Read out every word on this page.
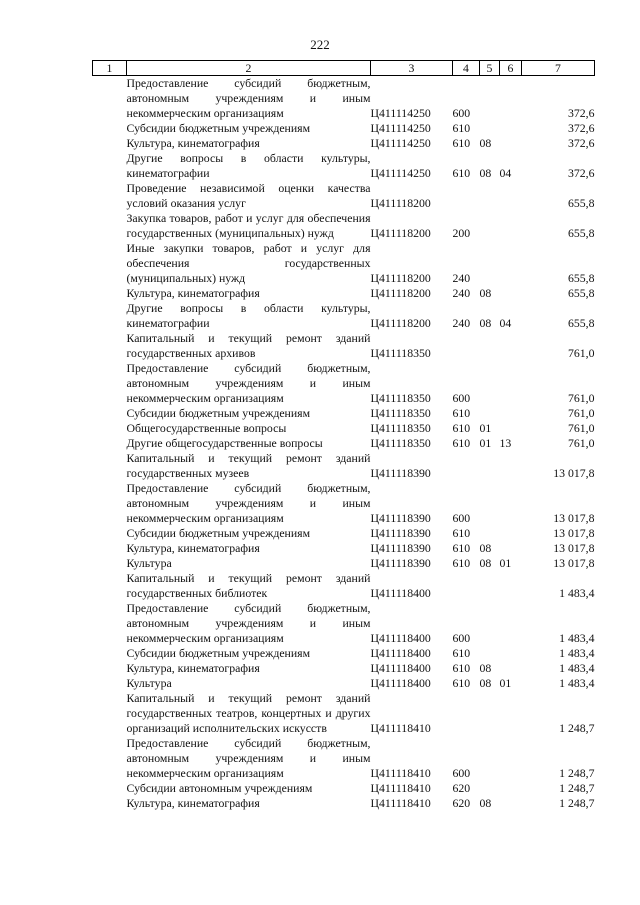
222
1	2	3	4	5	6	7
	Предоставление субсидий бюджетным, автономным учреждениям и иным некоммерческим организациям	Ц411114250	600			372,6
	Субсидии бюджетным учреждениям	Ц411114250	610			372,6
	Культура, кинематография	Ц411114250	610	08		372,6
	Другие вопросы в области культуры, кинематографии	Ц411114250	610	08	04	372,6
	Проведение независимой оценки качества условий оказания услуг	Ц411118200				655,8
	Закупка товаров, работ и услуг для обеспечения государственных (муниципальных) нужд	Ц411118200	200			655,8
	Иные закупки товаров, работ и услуг для обеспечения государственных (муниципальных) нужд	Ц411118200	240			655,8
	Культура, кинематография	Ц411118200	240	08		655,8
	Другие вопросы в области культуры, кинематографии	Ц411118200	240	08	04	655,8
	Капитальный и текущий ремонт зданий государственных архивов	Ц411118350				761,0
	Предоставление субсидий бюджетным, автономным учреждениям и иным некоммерческим организациям	Ц411118350	600			761,0
	Субсидии бюджетным учреждениям	Ц411118350	610			761,0
	Общегосударственные вопросы	Ц411118350	610	01		761,0
	Другие общегосударственные вопросы	Ц411118350	610	01	13	761,0
	Капитальный и текущий ремонт зданий государственных музеев	Ц411118390				13 017,8
	Предоставление субсидий бюджетным, автономным учреждениям и иным некоммерческим организациям	Ц411118390	600			13 017,8
	Субсидии бюджетным учреждениям	Ц411118390	610			13 017,8
	Культура, кинематография	Ц411118390	610	08		13 017,8
	Культура	Ц411118390	610	08	01	13 017,8
	Капитальный и текущий ремонт зданий государственных библиотек	Ц411118400				1 483,4
	Предоставление субсидий бюджетным, автономным учреждениям и иным некоммерческим организациям	Ц411118400	600			1 483,4
	Субсидии бюджетным учреждениям	Ц411118400	610			1 483,4
	Культура, кинематография	Ц411118400	610	08		1 483,4
	Культура	Ц411118400	610	08	01	1 483,4
	Капитальный и текущий ремонт зданий государственных театров, концертных и других организаций исполнительских искусств	Ц411118410				1 248,7
	Предоставление субсидий бюджетным, автономным учреждениям и иным некоммерческим организациям	Ц411118410	600			1 248,7
	Субсидии автономным учреждениям	Ц411118410	620			1 248,7
	Культура, кинематография	Ц411118410	620	08		1 248,7
